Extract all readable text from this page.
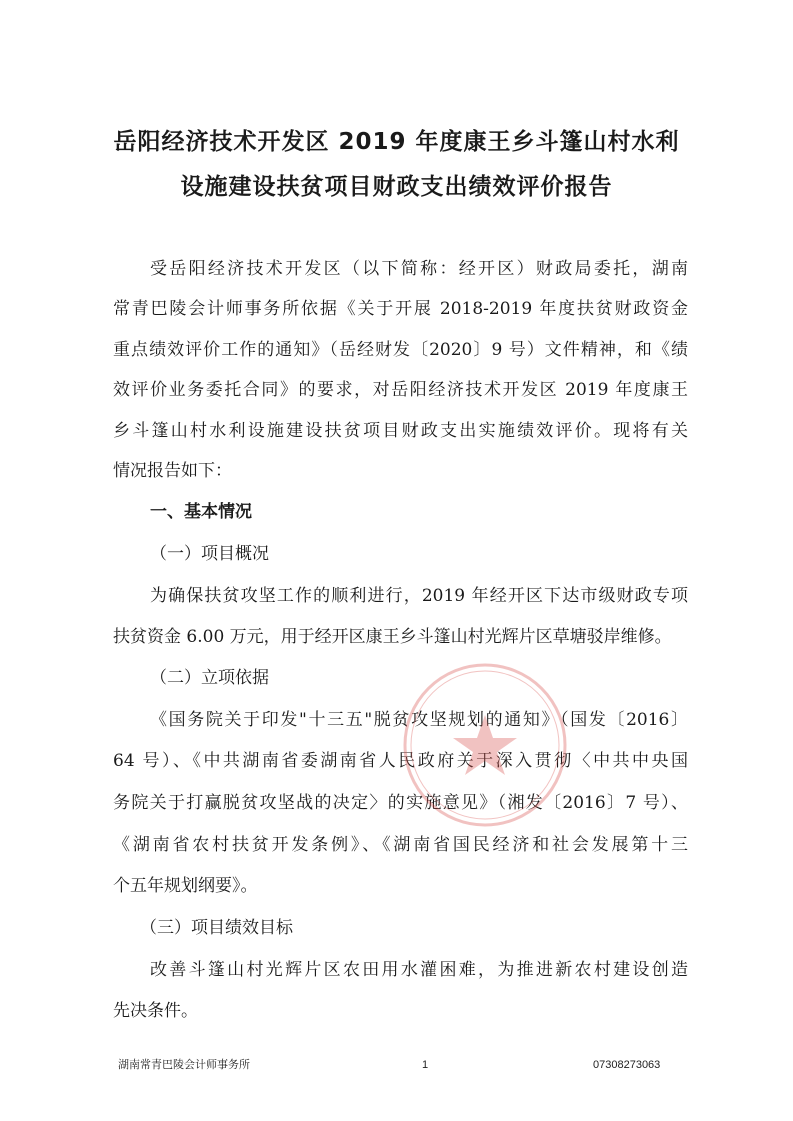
岳阳经济技术开发区 2019 年度康王乡斗篷山村水利
设施建设扶贫项目财政支出绩效评价报告
受岳阳经济技术开发区（以下简称：经开区）财政局委托，湖南
常青巴陵会计师事务所依据《关于开展 2018-2019 年度扶贫财政资金
重点绩效评价工作的通知》（岳经财发〔2020〕9 号）文件精神，和《绩
效评价业务委托合同》的要求，对岳阳经济技术开发区 2019 年度康王
乡斗篷山村水利设施建设扶贫项目财政支出实施绩效评价。现将有关
情况报告如下：
一、基本情况
（一）项目概况
为确保扶贫攻坚工作的顺利进行，2019 年经开区下达市级财政专项
扶贫资金 6.00 万元，用于经开区康王乡斗篷山村光辉片区草塘驳岸维修。
（二）立项依据
《国务院关于印发"十三五"脱贫攻坚规划的通知》（国发〔2016〕
64 号）、《中共湖南省委湖南省人民政府关于深入贯彻〈中共中央国
务院关于打赢脱贫攻坚战的决定〉的实施意见》（湘发〔2016〕7 号）、
《湖南省农村扶贫开发条例》、《湖南省国民经济和社会发展第十三
个五年规划纲要》。
（三）项目绩效目标
改善斗篷山村光辉片区农田用水灌困难，为推进新农村建设创造
先决条件。
湖南常青巴陵会计师事务所	1	07308273063
